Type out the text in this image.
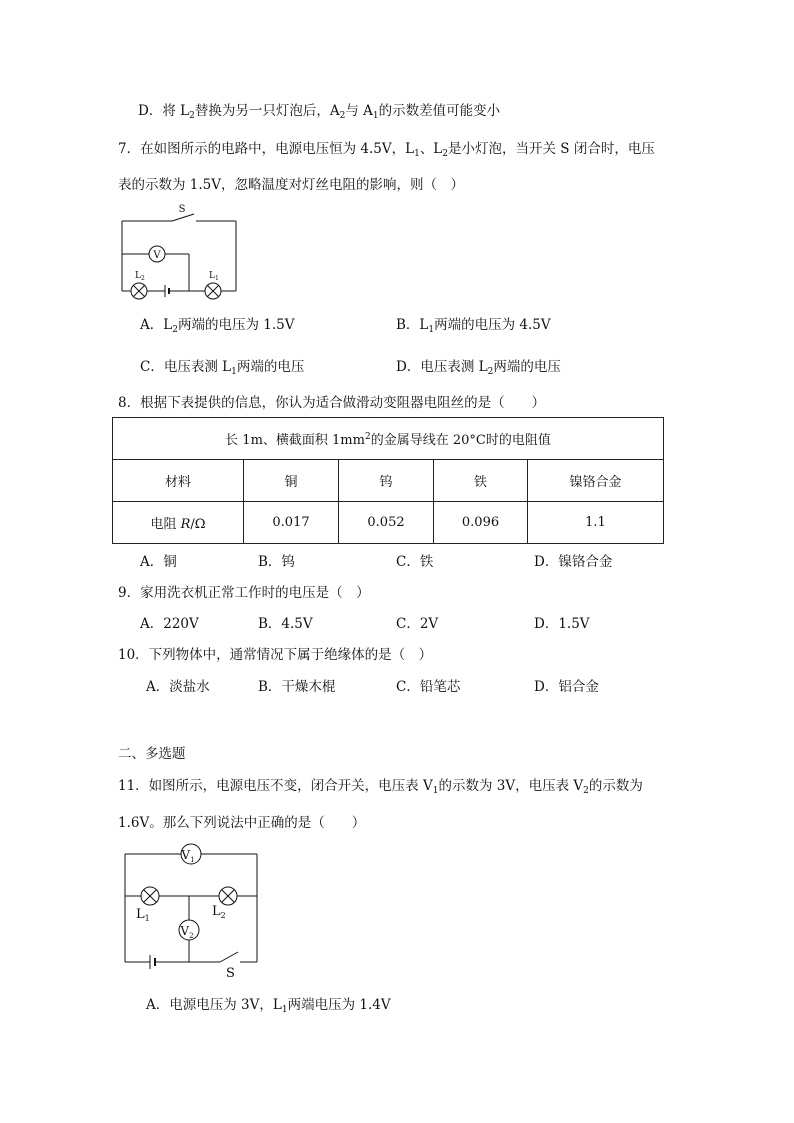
D．将 $L_2$替换为另一只灯泡后，$A_2$与 $A_1$的示数差值可能变小
7．在如图所示的电路中，电源电压恒为 4.5V，$L_1$、$L_2$是小灯泡，当开关 S 闭合时，电压
表的示数为 1.5V，忽略温度对灯丝电阻的影响，则（　）
V
S
$L_2$	$L_1$
A．$L_2$两端的电压为 1.5V	B．$L_1$两端的电压为 4.5V
C．电压表测 $L_1$两端的电压	D．电压表测 $L_2$两端的电压
8．根据下表提供的信息，你认为适合做滑动变阻器电阻丝的是（　　）
长 1m、横截面积 $1mm^2$的金属导线在 20°C时的电阻值				
材料	铜	钨	铁	镍铬合金
电阻 R/Ω	0.017	0.052	0.096	1.1
A．铜	B．钨	C．铁	D．镍铬合金
9．家用洗衣机正常工作时的电压是（　）
A．220V	B．4.5V	C．2V	D．1.5V
10．下列物体中，通常情况下属于绝缘体的是（　）
A．淡盐水	B．干燥木棍	C．铅笔芯	D．铝合金
二、多选题
11．如图所示，电源电压不变，闭合开关，电压表 $V_1$的示数为 3V，电压表 $V_2$的示数为
1.6V。那么下列说法中正确的是（　　）
$V_1$
$V_2$
$L_1$	$L_2$
S
A．电源电压为 3V，$L_1$两端电压为 1.4V
